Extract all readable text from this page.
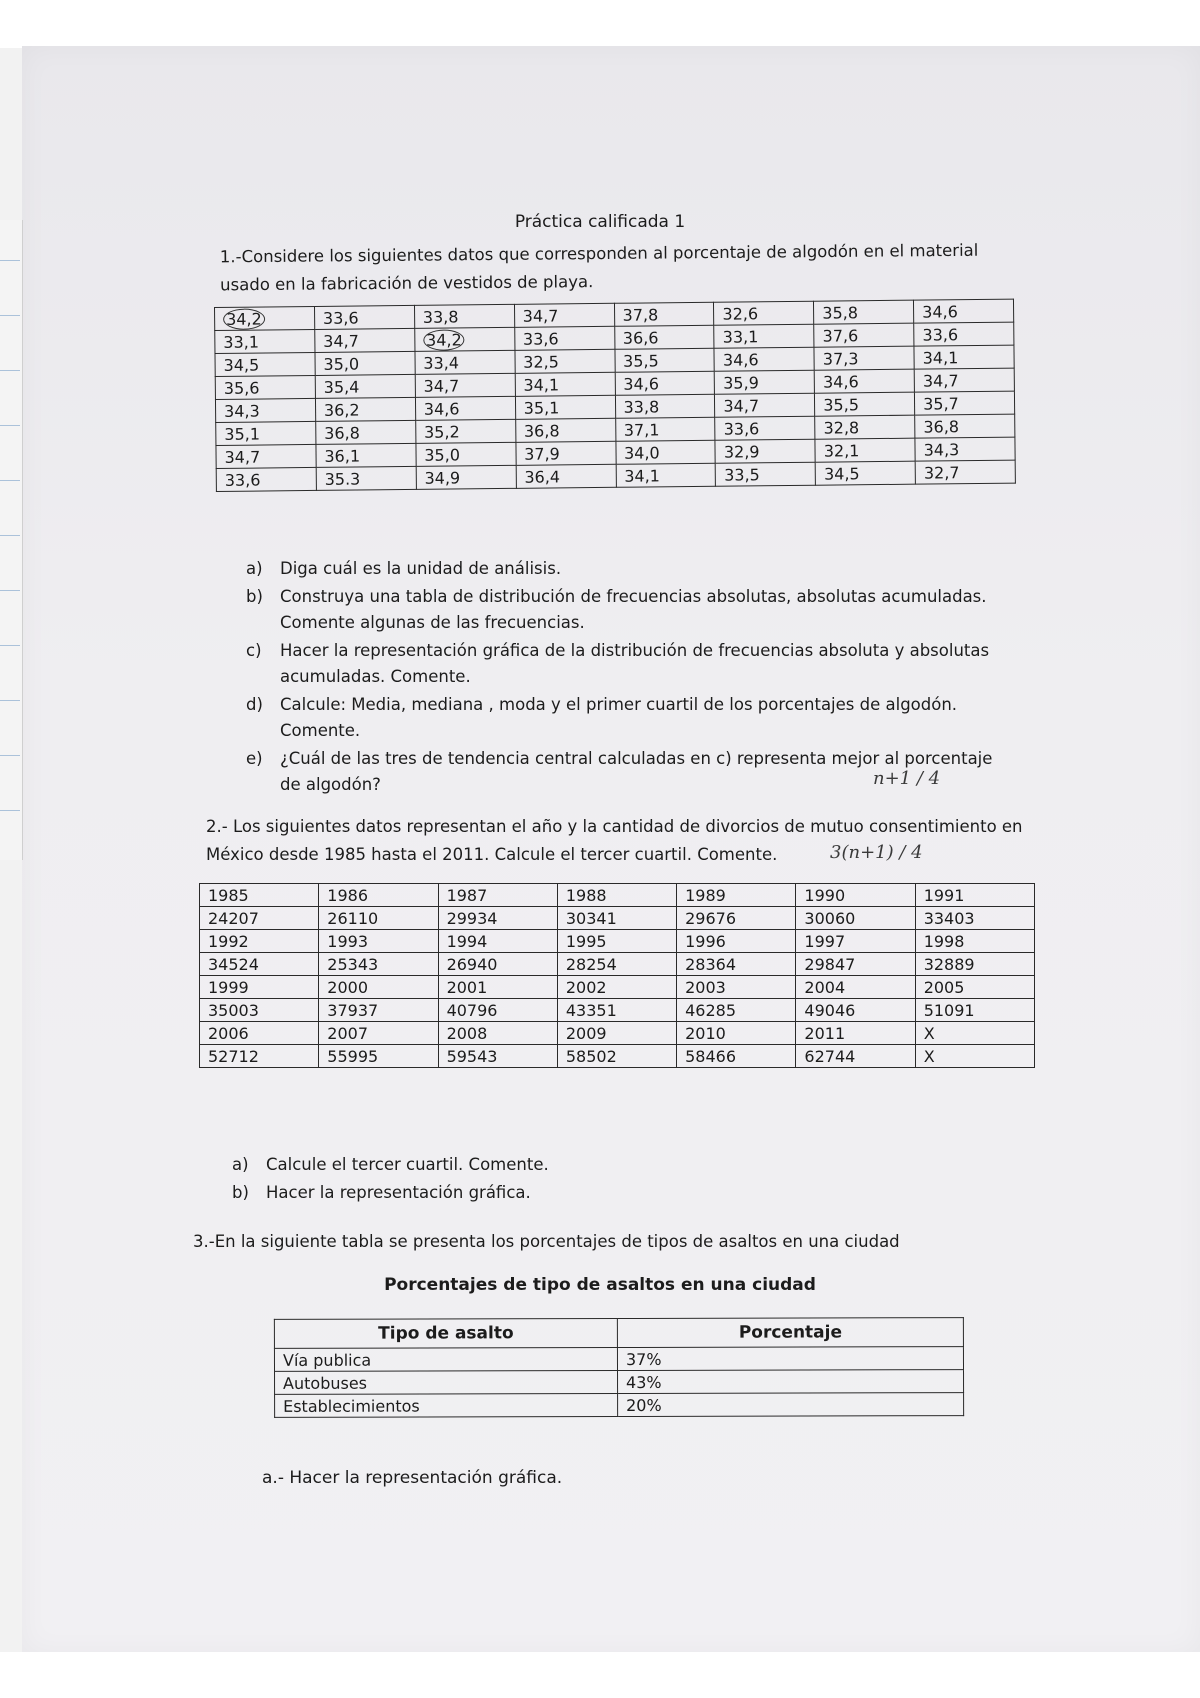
Práctica calificada 1
1.-Considere los siguientes datos que corresponden al porcentaje de algodón en el material usado en la fabricación de vestidos de playa.
34,2	33,6	33,8	34,7	37,8	32,6	35,8	34,6
33,1	34,7	34,2	33,6	36,6	33,1	37,6	33,6
34,5	35,0	33,4	32,5	35,5	34,6	37,3	34,1
35,6	35,4	34,7	34,1	34,6	35,9	34,6	34,7
34,3	36,2	34,6	35,1	33,8	34,7	35,5	35,7
35,1	36,8	35,2	36,8	37,1	33,6	32,8	36,8
34,7	36,1	35,0	37,9	34,0	32,9	32,1	34,3
33,6	35.3	34,9	36,4	34,1	33,5	34,5	32,7
a) Diga cuál es la unidad de análisis.
b) Construya una tabla de distribución de frecuencias absolutas, absolutas acumuladas. Comente algunas de las frecuencias.
c) Hacer la representación gráfica de la distribución de frecuencias absoluta y absolutas acumuladas. Comente.
d) Calcule: Media, mediana , moda y el primer cuartil de los porcentajes de algodón. Comente.
e) ¿Cuál de las tres de tendencia central calculadas en c) representa mejor al porcentaje de algodón?	n+1 / 4
2.- Los siguientes datos representan el año y la cantidad de divorcios de mutuo consentimiento en México desde 1985 hasta el 2011. Calcule el tercer cuartil. Comente.	3(n+1) / 4
1985	1986	1987	1988	1989	1990	1991
24207	26110	29934	30341	29676	30060	33403
1992	1993	1994	1995	1996	1997	1998
34524	25343	26940	28254	28364	29847	32889
1999	2000	2001	2002	2003	2004	2005
35003	37937	40796	43351	46285	49046	51091
2006	2007	2008	2009	2010	2011	X
52712	55995	59543	58502	58466	62744	X
a) Calcule el tercer cuartil. Comente.
b) Hacer la representación gráfica.
3.-En la siguiente tabla se presenta los porcentajes de tipos de asaltos en una ciudad
Porcentajes de tipo de asaltos en una ciudad
Tipo de asalto	Porcentaje
Vía publica	37%
Autobuses	43%
Establecimientos	20%
a.- Hacer la representación gráfica.
